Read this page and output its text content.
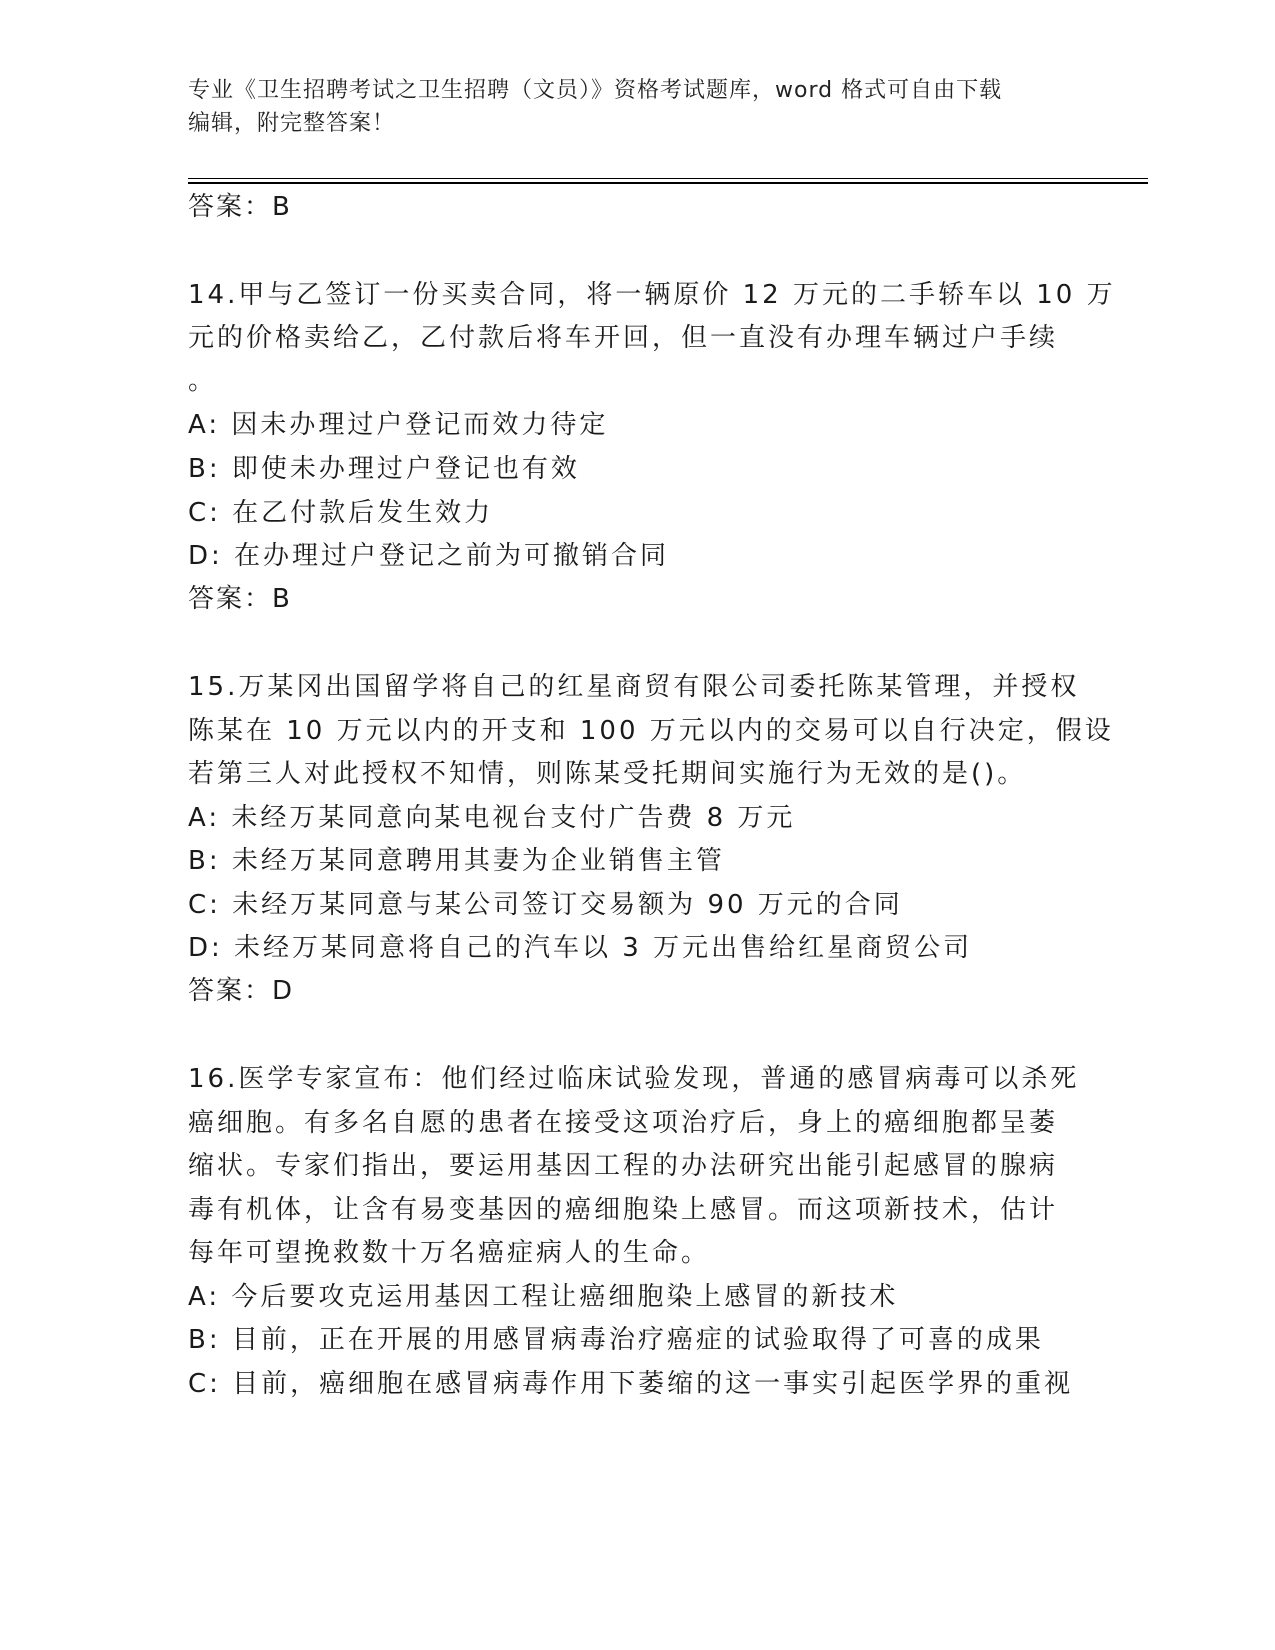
专业《卫生招聘考试之卫生招聘（文员）》资格考试题库，word 格式可自由下载
编辑，附完整答案！
答案：B
14.甲与乙签订一份买卖合同，将一辆原价 12 万元的二手轿车以 10 万
元的价格卖给乙，乙付款后将车开回，但一直没有办理车辆过户手续
。
A: 因未办理过户登记而效力待定
B: 即使未办理过户登记也有效
C: 在乙付款后发生效力
D: 在办理过户登记之前为可撤销合同
答案：B
15.万某冈出国留学将自己的红星商贸有限公司委托陈某管理，并授权
陈某在 10 万元以内的开支和 100 万元以内的交易可以自行决定，假设
若第三人对此授权不知情，则陈某受托期间实施行为无效的是()。
A: 未经万某同意向某电视台支付广告费 8 万元
B: 未经万某同意聘用其妻为企业销售主管
C: 未经万某同意与某公司签订交易额为 90 万元的合同
D: 未经万某同意将自己的汽车以 3 万元出售给红星商贸公司
答案：D
16.医学专家宣布：他们经过临床试验发现，普通的感冒病毒可以杀死
癌细胞。有多名自愿的患者在接受这项治疗后，身上的癌细胞都呈萎
缩状。专家们指出，要运用基因工程的办法研究出能引起感冒的腺病
毒有机体，让含有易变基因的癌细胞染上感冒。而这项新技术，估计
每年可望挽救数十万名癌症病人的生命。
A: 今后要攻克运用基因工程让癌细胞染上感冒的新技术
B: 目前，正在开展的用感冒病毒治疗癌症的试验取得了可喜的成果
C: 目前，癌细胞在感冒病毒作用下萎缩的这一事实引起医学界的重视
